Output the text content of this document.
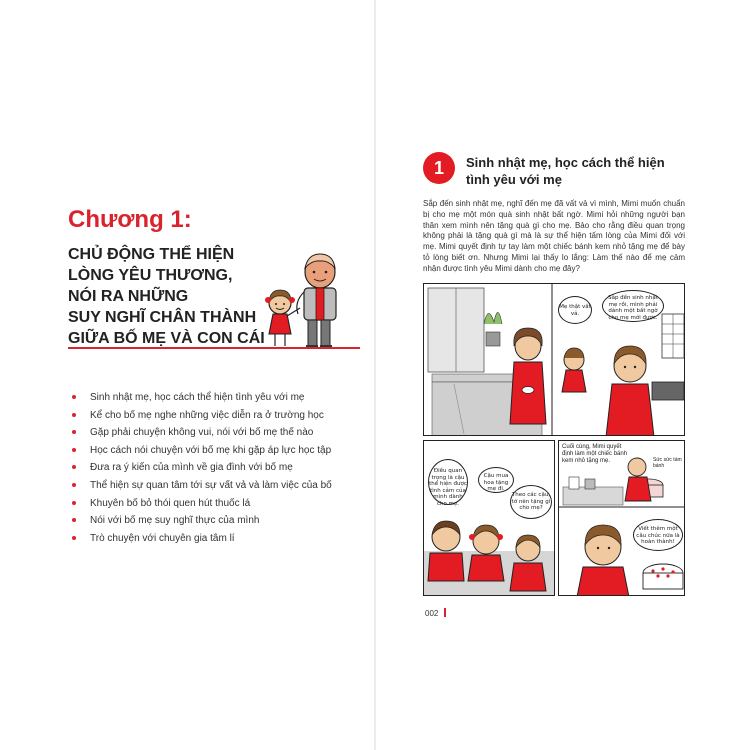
Chương 1:
CHỦ ĐỘNG THỂ HIỆN
LÒNG YÊU THƯƠNG,
NÓI RA NHỮNG
SUY NGHĨ CHÂN THÀNH
GIỮA BỐ MẸ VÀ CON CÁI
Sinh nhật mẹ, học cách thể hiện tình yêu với mẹ
Kể cho bố mẹ nghe những việc diễn ra ở trường học
Gặp phải chuyện không vui, nói với bố mẹ thế nào
Học cách nói chuyện với bố mẹ khi gặp áp lực học tập
Đưa ra ý kiến của mình về gia đình với bố mẹ
Thể hiện sự quan tâm tới sự vất vả và làm việc của bố
Khuyên bố bỏ thói quen hút thuốc lá
Nói với bố mẹ suy nghĩ thực của mình
Trò chuyện với chuyên gia tâm lí
1	Sinh nhật mẹ, học cách thể hiện tình yêu với mẹ
Sắp đến sinh nhật mẹ, nghĩ đến mẹ đã vất vả vì mình, Mimi muốn chuẩn bị cho mẹ một món quà sinh nhật bất ngờ. Mimi hỏi những người bạn thân xem mình nên tặng quà gì cho mẹ. Bảo cho rằng điều quan trọng không phải là tặng quà gì mà là sự thể hiện tấm lòng của Mimi đối với mẹ. Mimi quyết định tự tay làm một chiếc bánh kem nhỏ tặng mẹ để bày tỏ lòng biết ơn. Nhưng Mimi lại thấy lo lắng: Làm thế nào để mẹ cảm nhận được tình yêu Mimi dành cho mẹ đây?
Mẹ thật vất vả.
Sắp đến sinh nhật mẹ rồi, mình phải dành một bất ngờ cho mẹ mới được.
Điều quan trọng là cậu thể hiện được tình cảm của mình dành cho mẹ.
Cậu mua hoa tặng mẹ đi.
Theo các cậu, tớ nên tặng gì cho mẹ?
Cuối cùng, Mimi quyết định làm một chiếc bánh kem nhỏ tặng mẹ.	Sức sức tám bánh
Viết thêm một câu chúc nữa là hoàn thành!
002
